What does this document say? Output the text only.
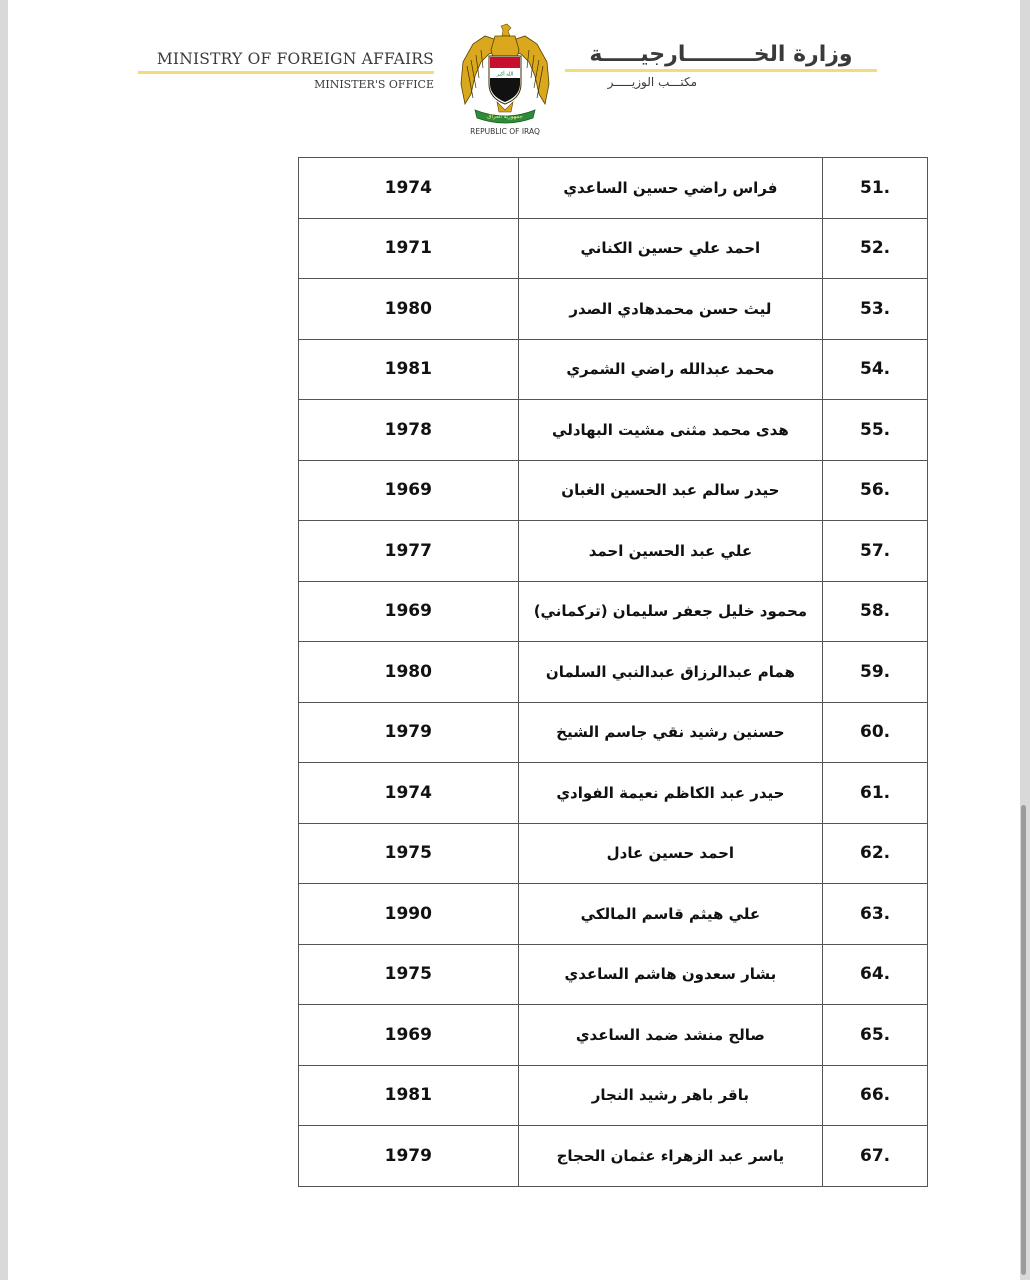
MINISTRY OF FOREIGN AFFAIRS
MINISTER'S OFFICE
الله أكبر
جمهورية العراق
REPUBLIC OF IRAQ
وزارة الخـــــــــارجيـــــة
مكتـــب الوزيـــــر
1974	فراس راضي حسين الساعدي	51.
1971	احمد علي حسين الكناني	52.
1980	ليث حسن محمدهادي الصدر	53.
1981	محمد عبدالله راضي الشمري	54.
1978	هدى محمد مثنى مشيت البهادلي	55.
1969	حيدر سالم عبد الحسين الغبان	56.
1977	علي عبد الحسين احمد	57.
1969	محمود خليل جعفر سليمان (تركماني)	58.
1980	همام عبدالرزاق عبدالنبي السلمان	59.
1979	حسنين رشيد نقي جاسم الشيخ	60.
1974	حيدر عبد الكاظم نعيمة الفوادي	61.
1975	احمد حسين عادل	62.
1990	علي هيثم قاسم المالكي	63.
1975	بشار سعدون هاشم الساعدي	64.
1969	صالح منشد ضمد الساعدي	65.
1981	باقر باهر رشيد النجار	66.
1979	ياسر عبد الزهراء عثمان الحجاج	67.
